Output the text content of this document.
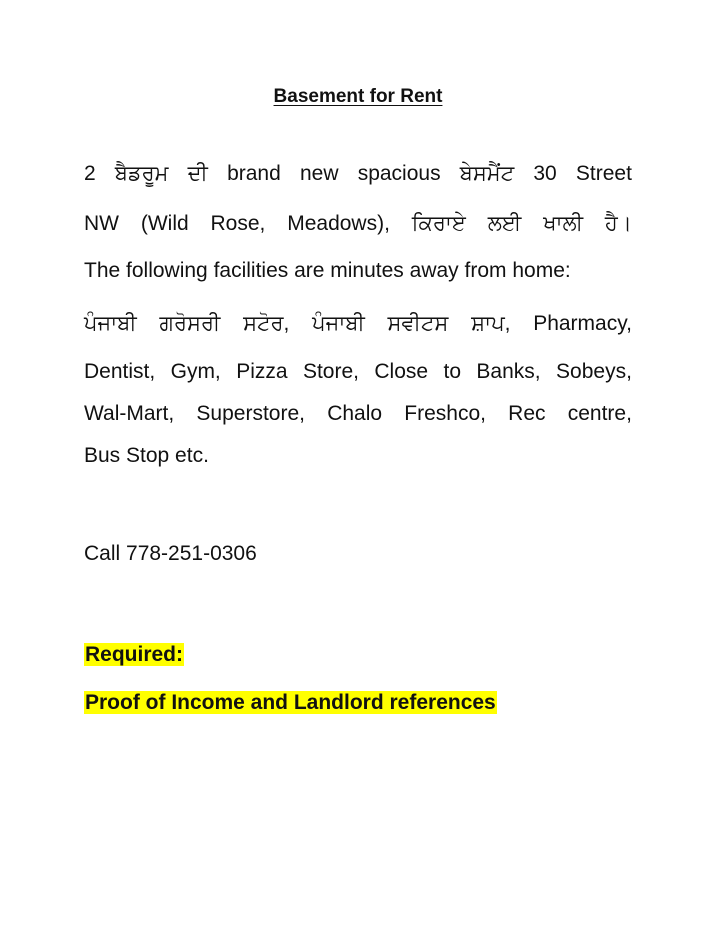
Basement for Rent
2 ਬੈਡਰੂਮ ਦੀ brand new spacious ਬੇਸਮੈਂਟ 30 Street
NW (Wild Rose, Meadows), ਕਿਰਾਏ ਲਈ ਖਾਲੀ ਹੈ।
The following facilities are minutes away from home:
ਪੰਜਾਬੀ ਗਰੋਸਰੀ ਸਟੋਰ, ਪੰਜਾਬੀ ਸਵੀਟਸ ਸ਼ਾਪ, Pharmacy,
Dentist, Gym, Pizza Store, Close to Banks, Sobeys,
Wal-Mart, Superstore, Chalo Freshco, Rec centre,
Bus Stop etc.
Call 778-251-0306
Required:
Proof of Income and Landlord references
